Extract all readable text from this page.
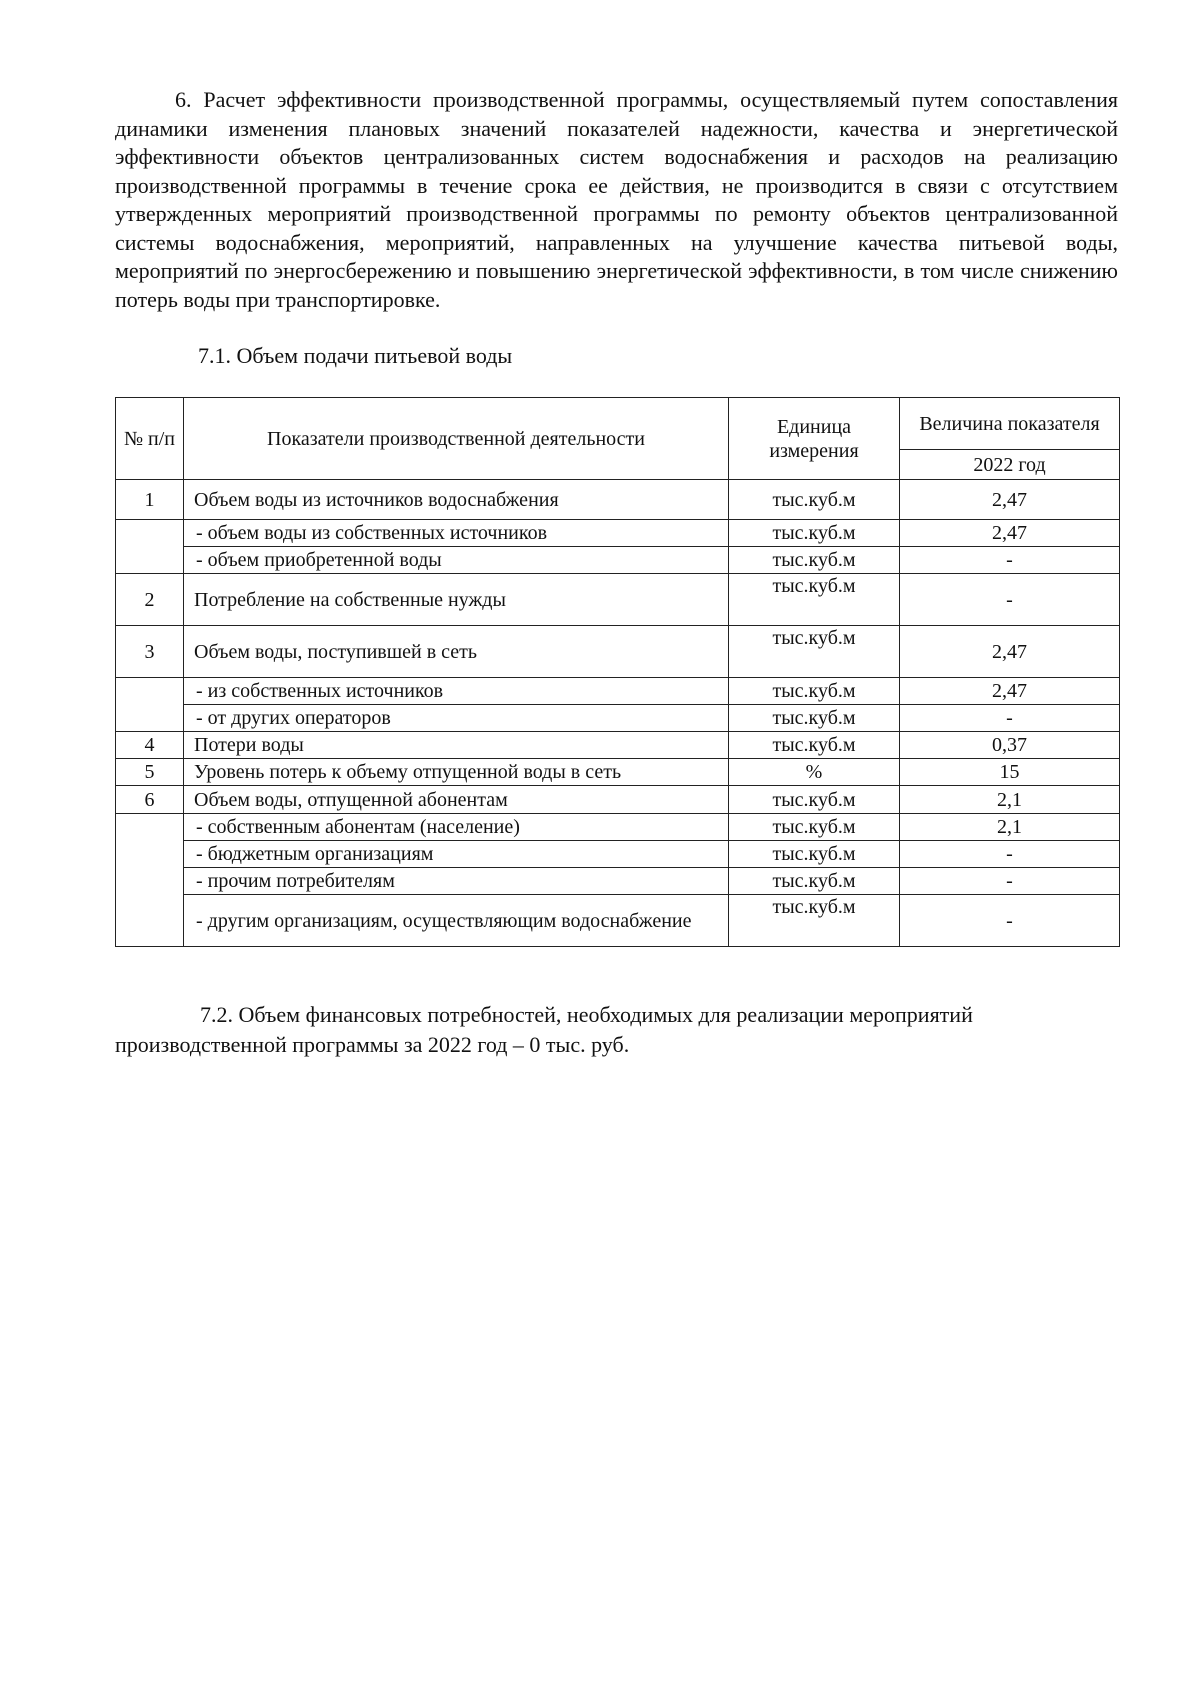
6. Расчет эффективности производственной программы, осуществляемый путем сопоставления динамики изменения плановых значений показателей надежности, качества и энергетической эффективности объектов централизованных систем водоснабжения и расходов на реализацию производственной программы в течение срока ее действия, не производится в связи с отсутствием утвержденных мероприятий производственной программы по ремонту объектов централизованной системы водоснабжения, мероприятий, направленных на улучшение качества питьевой воды, мероприятий по энергосбережению и повышению энергетической эффективности, в том числе снижению потерь воды при транспортировке.

7.1. Объем подачи питьевой воды

№ п/п	Показатели производственной деятельности	Единица измерения	Величина показателя
			2022 год
1	Объем воды из источников водоснабжения	тыс.куб.м	2,47
	- объем воды из собственных источников	тыс.куб.м	2,47
	- объем приобретенной воды	тыс.куб.м	-
2	Потребление на собственные нужды	тыс.куб.м	-
3	Объем воды, поступившей в сеть	тыс.куб.м	2,47
	- из собственных источников	тыс.куб.м	2,47
	- от других операторов	тыс.куб.м	-
4	Потери воды	тыс.куб.м	0,37
5	Уровень потерь к объему отпущенной воды в сеть	%	15
6	Объем воды, отпущенной абонентам	тыс.куб.м	2,1
	- собственным абонентам (население)	тыс.куб.м	2,1
	- бюджетным организациям	тыс.куб.м	-
	- прочим потребителям	тыс.куб.м	-
	- другим организациям, осуществляющим водоснабжение	тыс.куб.м	-

7.2. Объем финансовых потребностей, необходимых для реализации мероприятий производственной программы за 2022 год – 0 тыс. руб.
